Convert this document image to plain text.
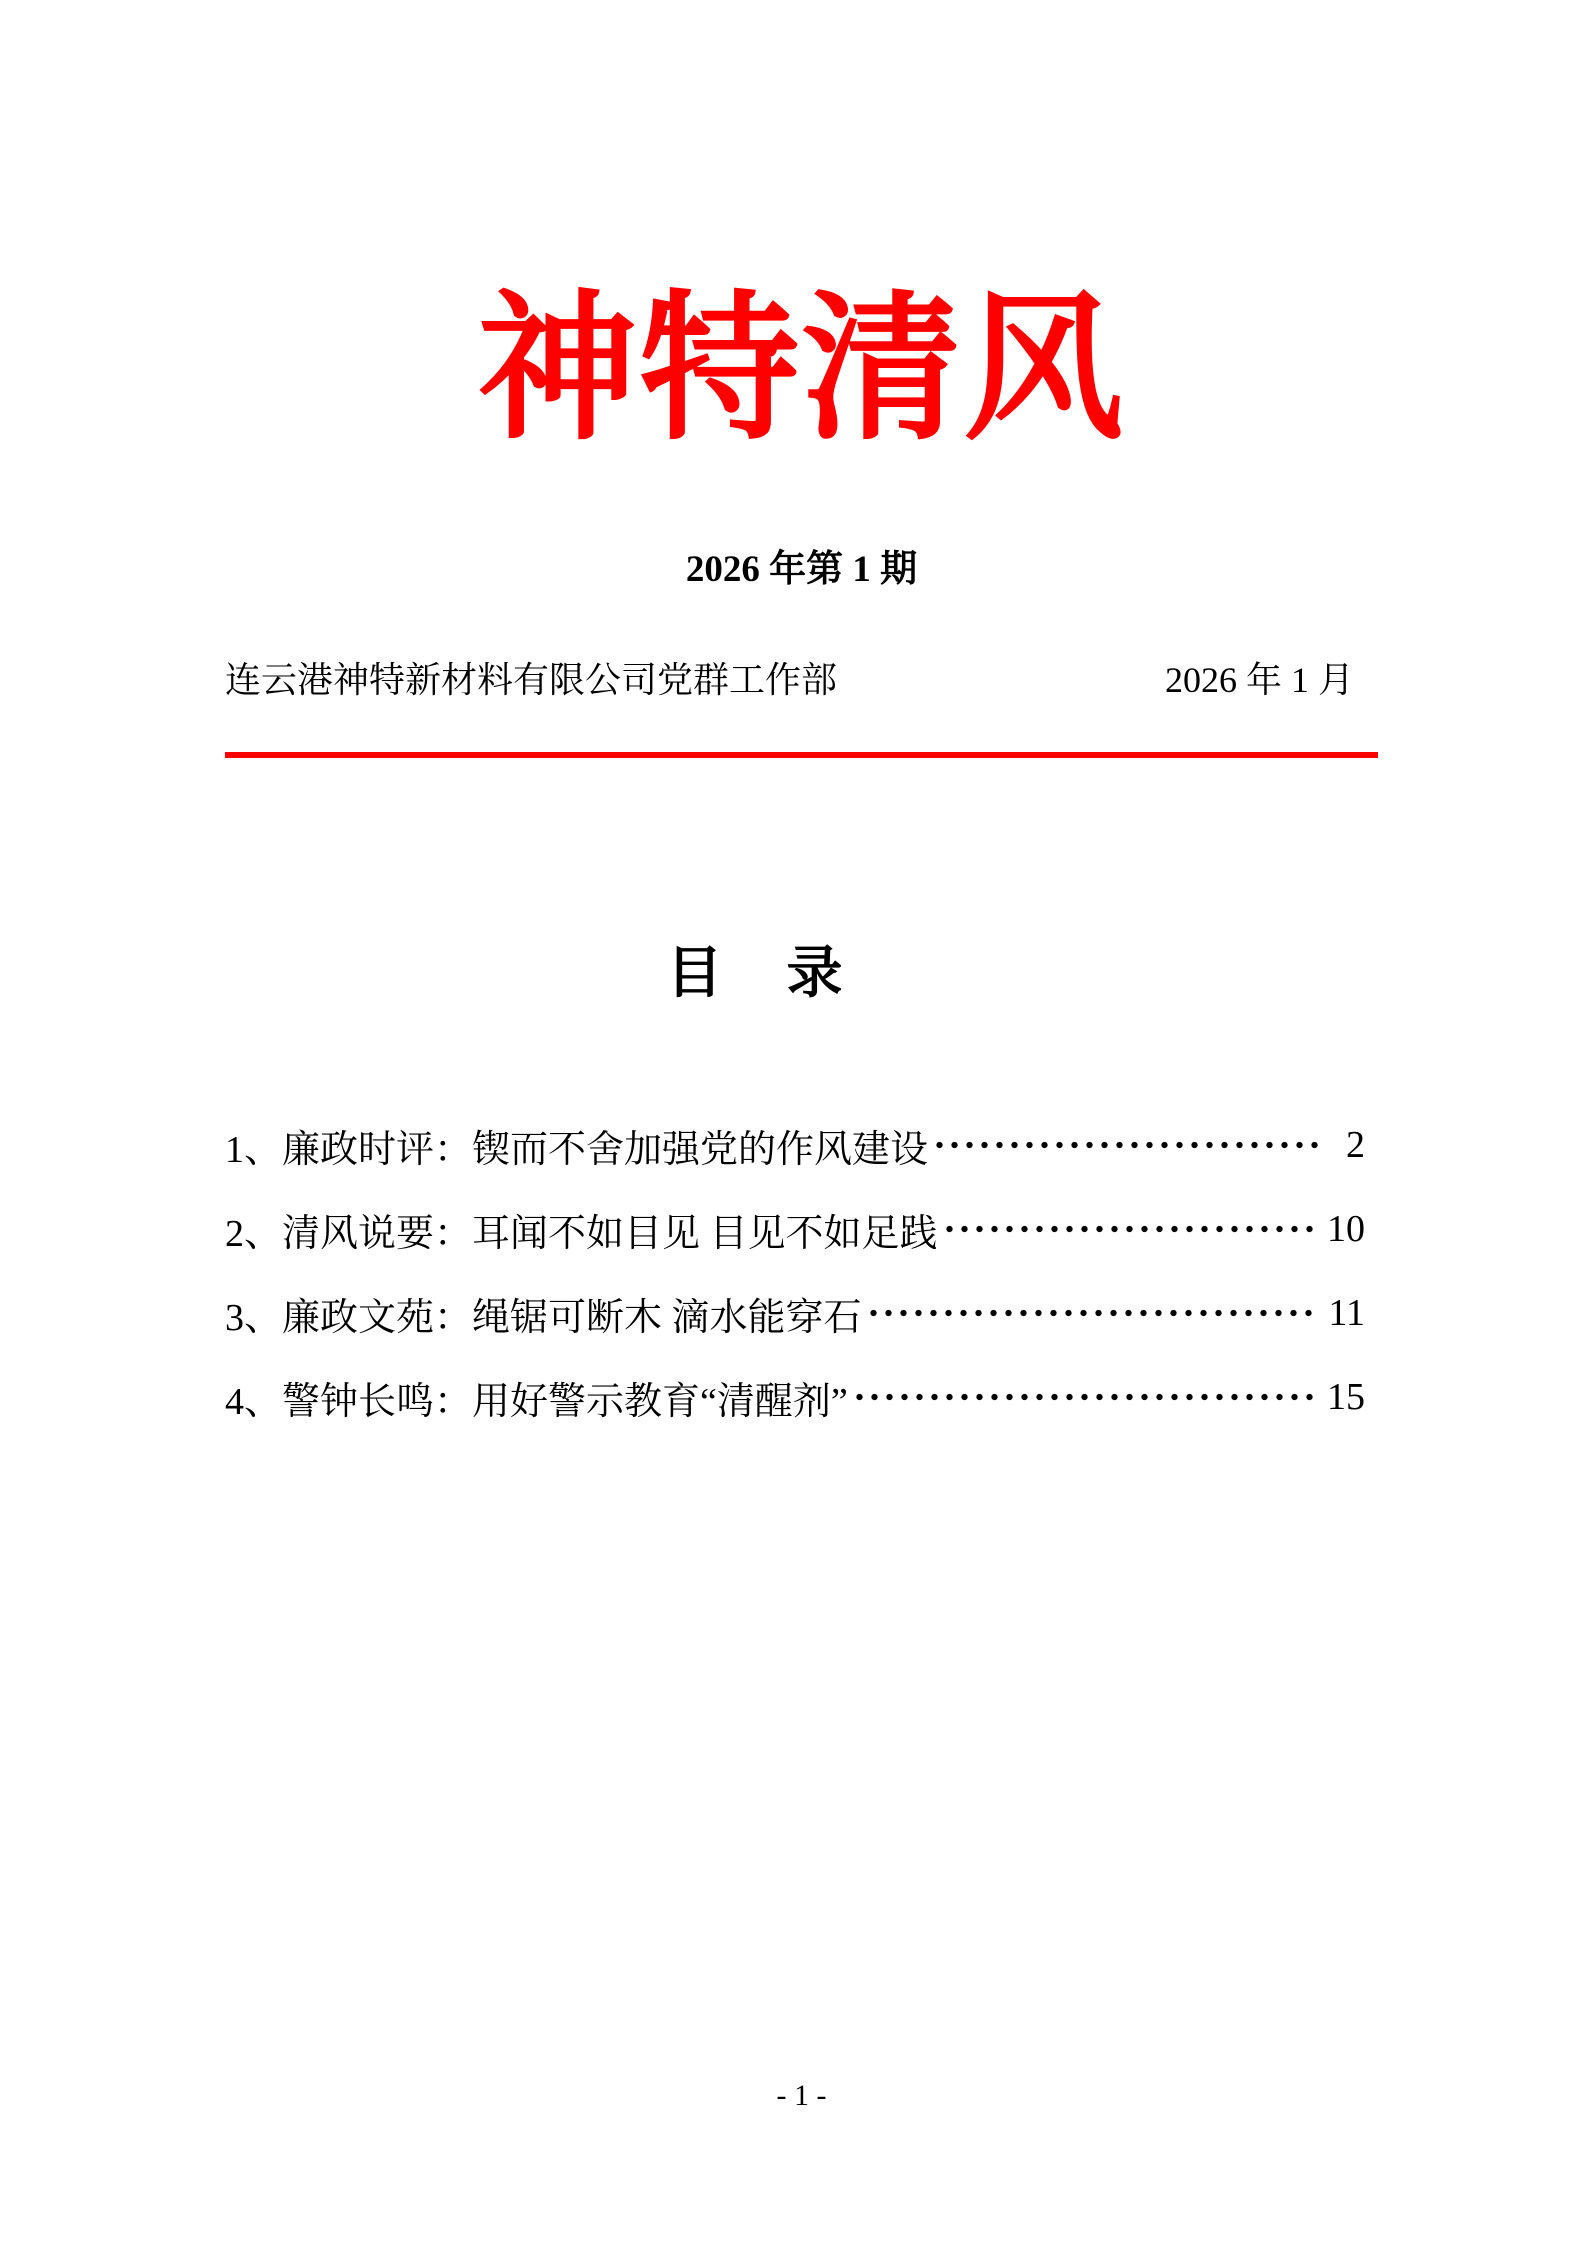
神特清风
2026 年第 1 期
连云港神特新材料有限公司党群工作部	2026 年 1 月
目　录
1、廉政时评：锲而不舍加强党的作风建设	2
2、清风说要：耳闻不如目见 目见不如足践	10
3、廉政文苑：绳锯可断木 滴水能穿石	11
4、警钟长鸣：用好警示教育“清醒剂”	15
- 1 -
